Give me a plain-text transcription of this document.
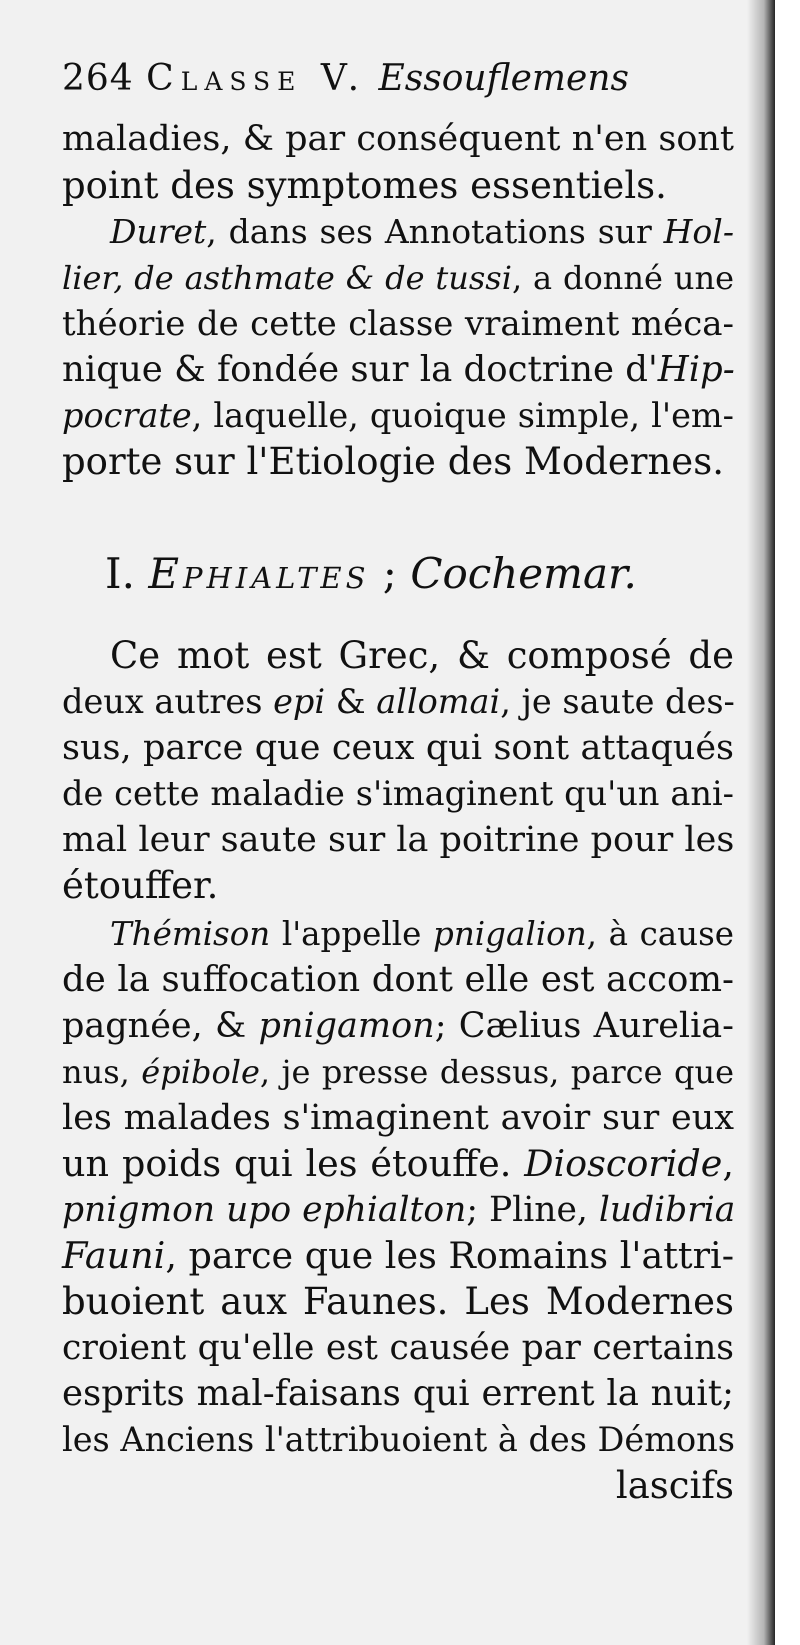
264 Classe V. Essouflemens
maladies, & par conséquent n'en sont
point des symptomes essentiels.
Duret, dans ses Annotations sur Hol-
lier, de asthmate & de tussi, a donné une
théorie de cette classe vraiment méca-
nique & fondée sur la doctrine d'Hip-
pocrate, laquelle, quoique simple, l'em-
porte sur l'Etiologie des Modernes.
I. Ephialtes ; Cochemar.
Ce mot est Grec, & composé de
deux autres epi & allomai, je saute des-
sus, parce que ceux qui sont attaqués
de cette maladie s'imaginent qu'un ani-
mal leur saute sur la poitrine pour les
étouffer.
Thémison l'appelle pnigalion, à cause
de la suffocation dont elle est accom-
pagnée, & pnigamon; Cælius Aurelia-
nus, épibole, je presse dessus, parce que
les malades s'imaginent avoir sur eux
un poids qui les étouffe. Dioscoride,
pnigmon upo ephialton; Pline, ludibria
Fauni, parce que les Romains l'attri-
buoient aux Faunes. Les Modernes
croient qu'elle est causée par certains
esprits mal-faisans qui errent la nuit;
les Anciens l'attribuoient à des Démons
lascifs
